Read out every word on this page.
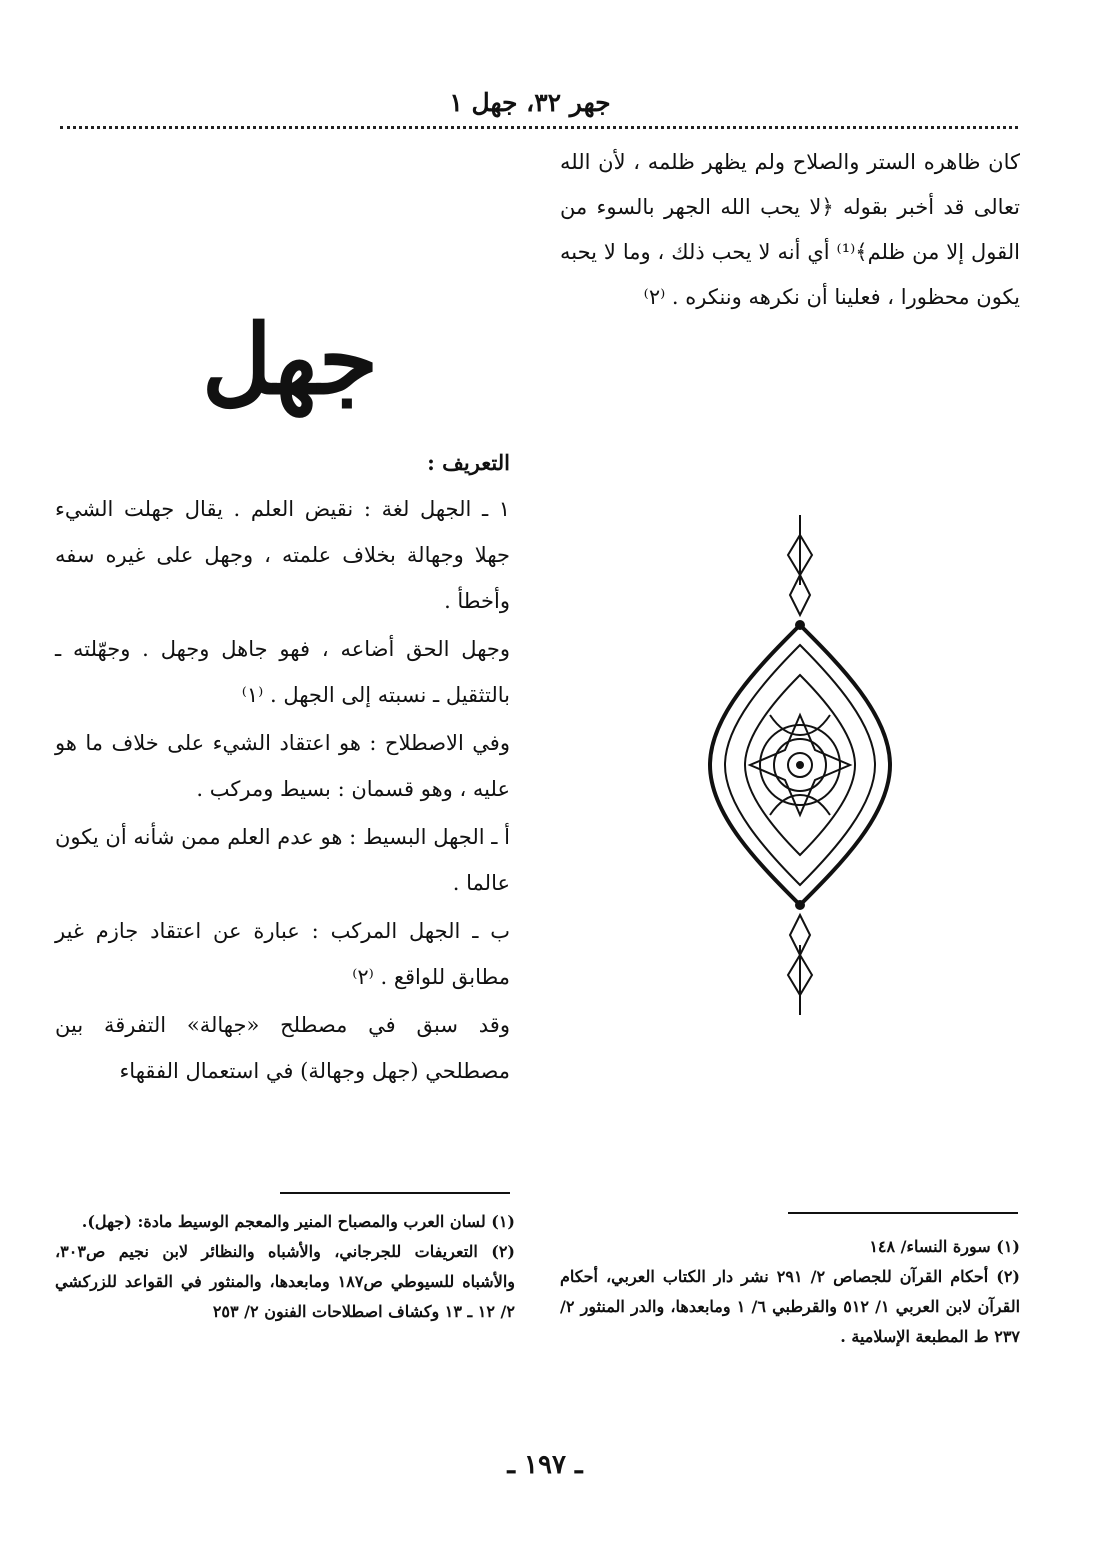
جهر ٣٢، جهل ١

كان ظاهره الستر والصلاح ولم يظهر ظلمه ، لأن الله تعالى قد أخبر بقوله ﴿لا يحب الله الجهر بالسوء من القول إلا من ظلم﴾⁽¹⁾ أي أنه لا يحب ذلك ، وما لا يحبه يكون محظورا ، فعلينا أن نكرهه وننكره . ⁽٢⁾

جهل

التعريف :

١ ـ الجهل لغة : نقيض العلم . يقال جهلت الشيء جهلا وجهالة بخلاف علمته ، وجهل على غيره سفه وأخطأ .

وجهل الحق أضاعه ، فهو جاهل وجهل . وجهّلته ـ بالتثقيل ـ نسبته إلى الجهل . ⁽١⁾

وفي الاصطلاح : هو اعتقاد الشيء على خلاف ما هو عليه ، وهو قسمان : بسيط ومركب .

أ ـ الجهل البسيط : هو عدم العلم ممن شأنه أن يكون عالما .

ب ـ الجهل المركب : عبارة عن اعتقاد جازم غير مطابق للواقع . ⁽٢⁾

وقد سبق في مصطلح «جهالة» التفرقة بين مصطلحي (جهل وجهالة) في استعمال الفقهاء

(١) سورة النساء/ ١٤٨

(٢) أحكام القرآن للجصاص ٢/ ٢٩١ نشر دار الكتاب العربي، أحكام القرآن لابن العربي ١/ ٥١٢ والقرطبي ٦/ ١ ومابعدها، والدر المنثور ٢/ ٢٣٧ ط المطبعة الإسلامية .

(١) لسان العرب والمصباح المنير والمعجم الوسيط مادة: (جهل).

(٢) التعريفات للجرجاني، والأشباه والنظائر لابن نجيم ص٣٠٣، والأشباه للسيوطي ص١٨٧ ومابعدها، والمنثور في القواعد للزركشي ٢/ ١٢ ـ ١٣ وكشاف اصطلاحات الفنون ٢/ ٢٥٣

ـ ١٩٧ ـ
